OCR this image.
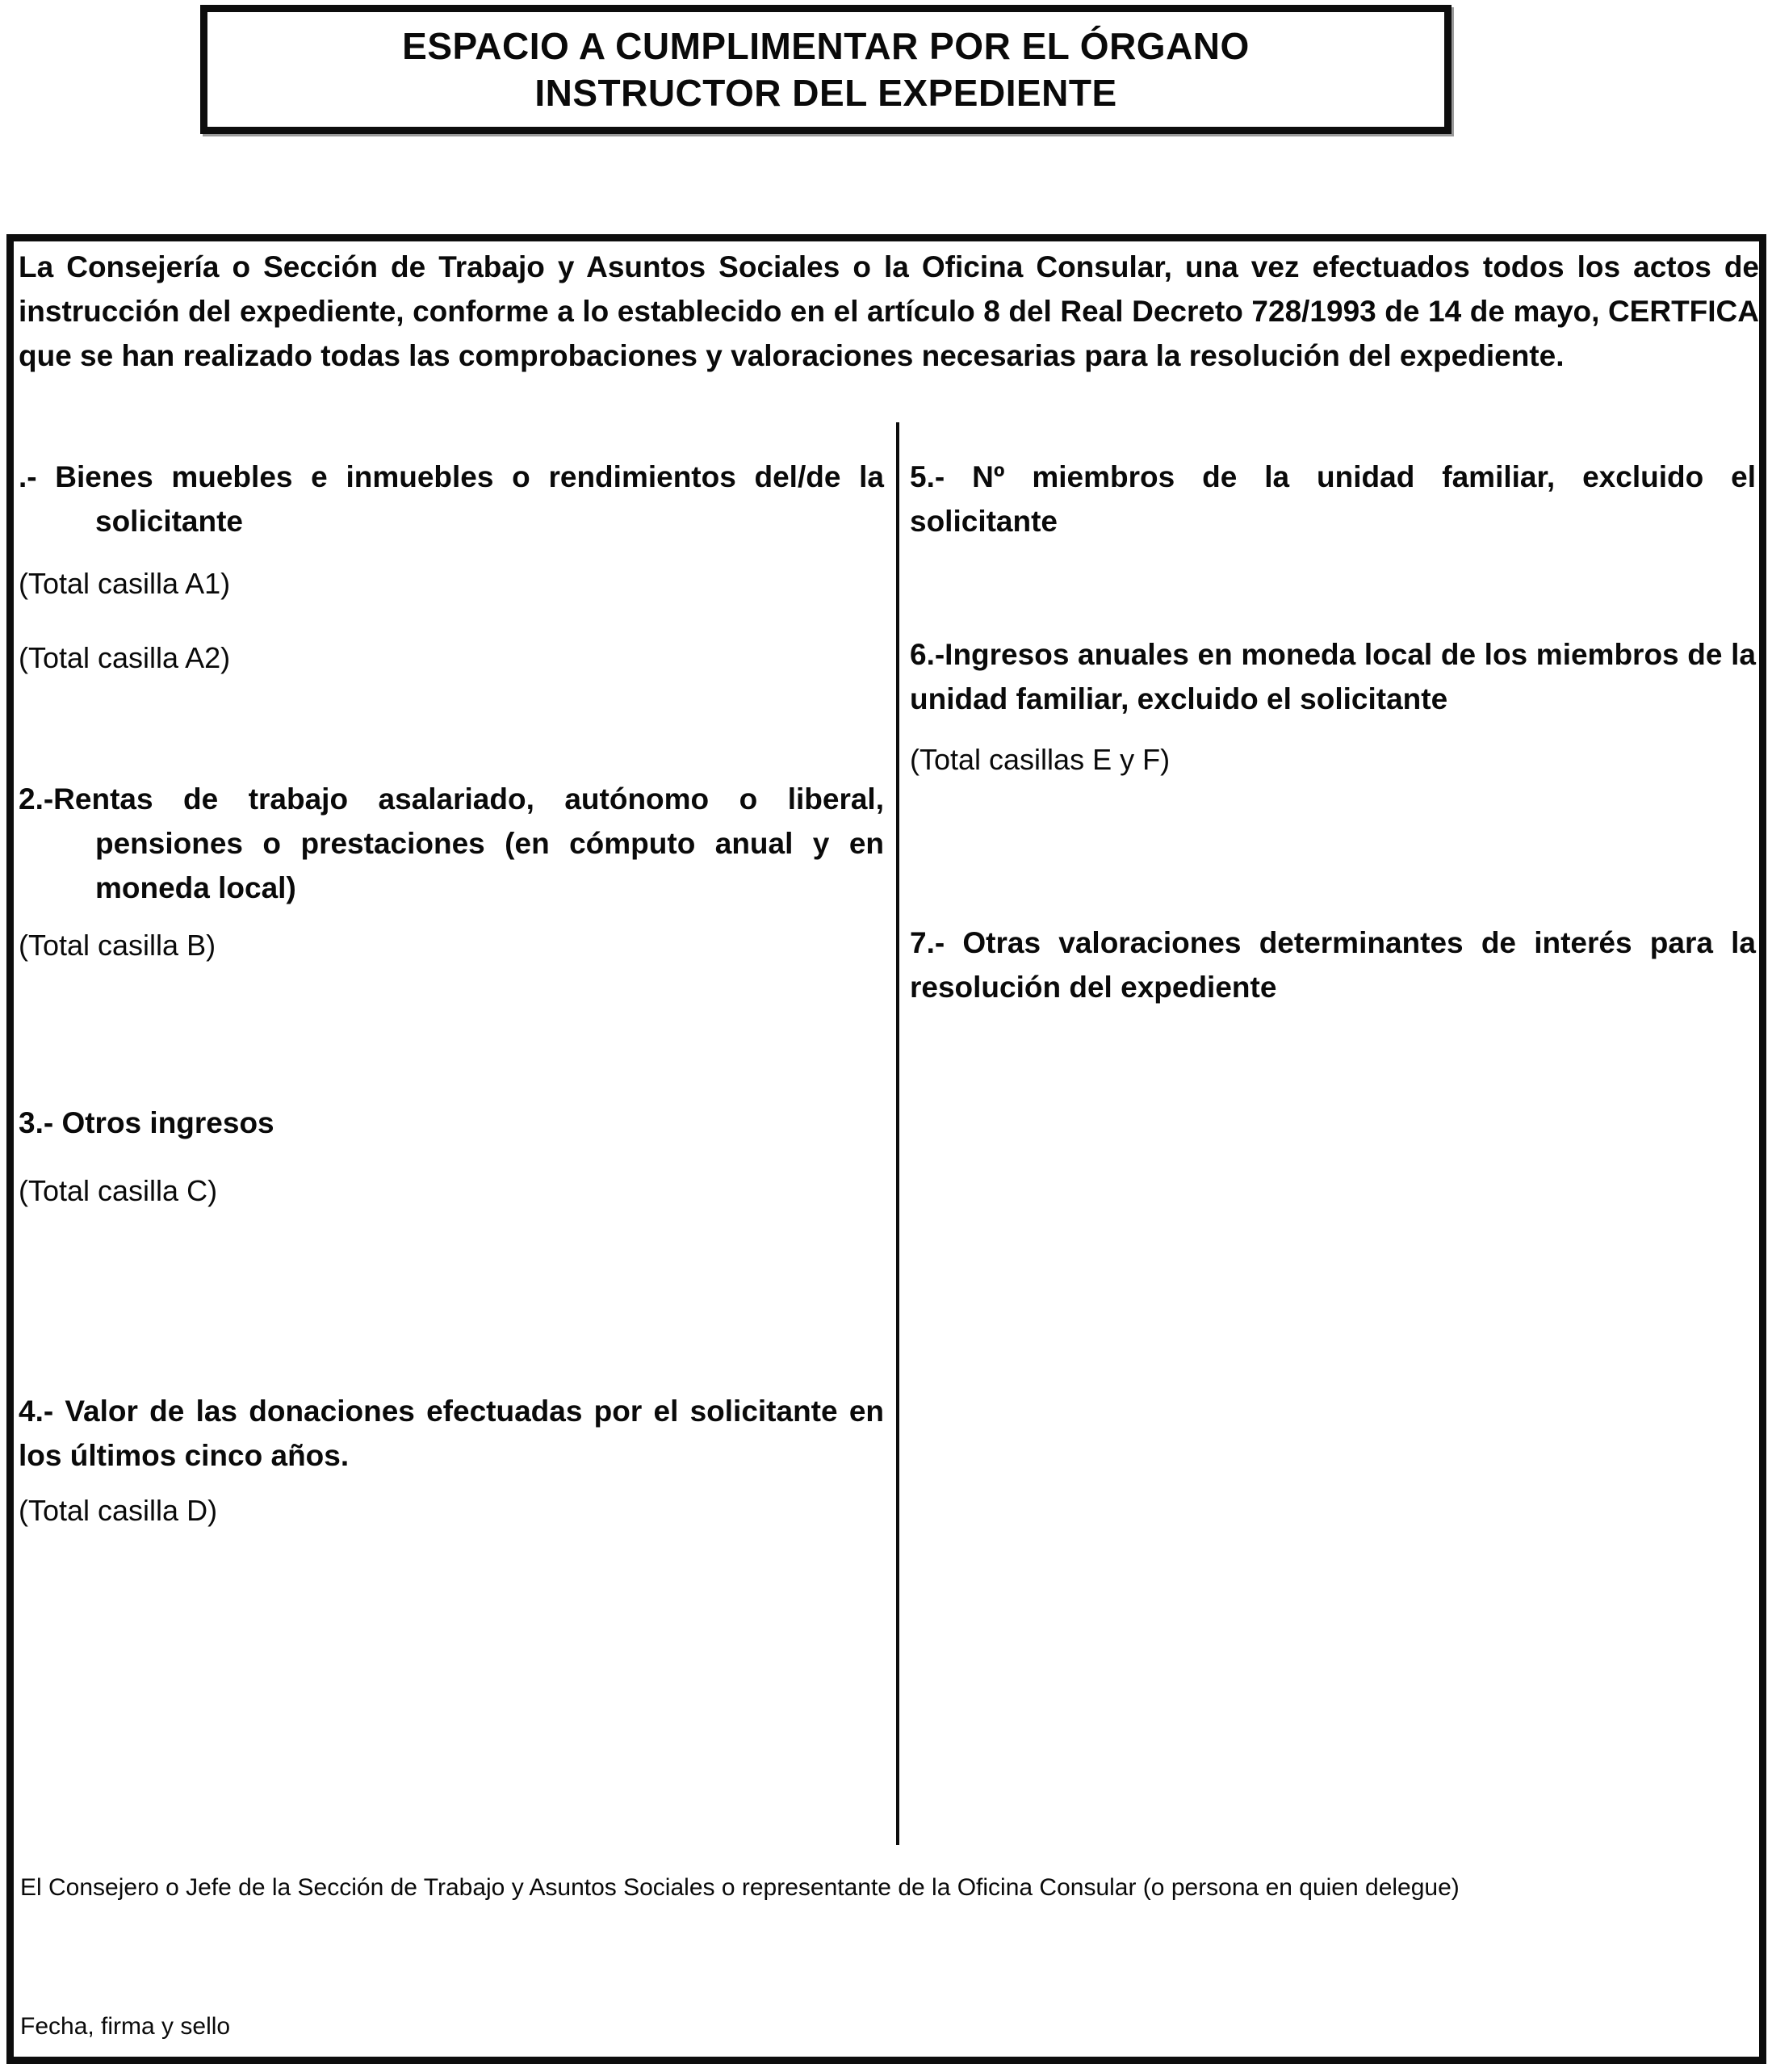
ESPACIO A CUMPLIMENTAR POR EL ÓRGANO
INSTRUCTOR DEL EXPEDIENTE
La Consejería o Sección de Trabajo y Asuntos Sociales o la Oficina Consular, una vez efectuados todos los actos de instrucción del expediente, conforme a lo establecido en el artículo 8 del Real Decreto 728/1993 de 14 de mayo, CERTFICA que se han realizado todas las comprobaciones y valoraciones necesarias para la resolución del expediente.
.- Bienes muebles e inmuebles o rendimientos del/de la solicitante
(Total casilla A1)
(Total casilla A2)
2.-Rentas de trabajo asalariado, autónomo o liberal, pensiones o prestaciones (en cómputo anual y en moneda local)
(Total casilla B)
3.- Otros ingresos
(Total casilla C)
4.- Valor de las donaciones efectuadas por el solicitante en los últimos cinco años.
(Total casilla D)
5.- Nº miembros de la unidad familiar, excluido el solicitante
6.-Ingresos anuales en moneda local de los miembros de la unidad familiar, excluido el solicitante
(Total casillas E y F)
7.- Otras valoraciones determinantes de interés para la resolución del expediente
El Consejero o Jefe de la Sección de Trabajo y Asuntos Sociales o representante de la Oficina Consular (o persona en quien delegue)
Fecha, firma y sello
